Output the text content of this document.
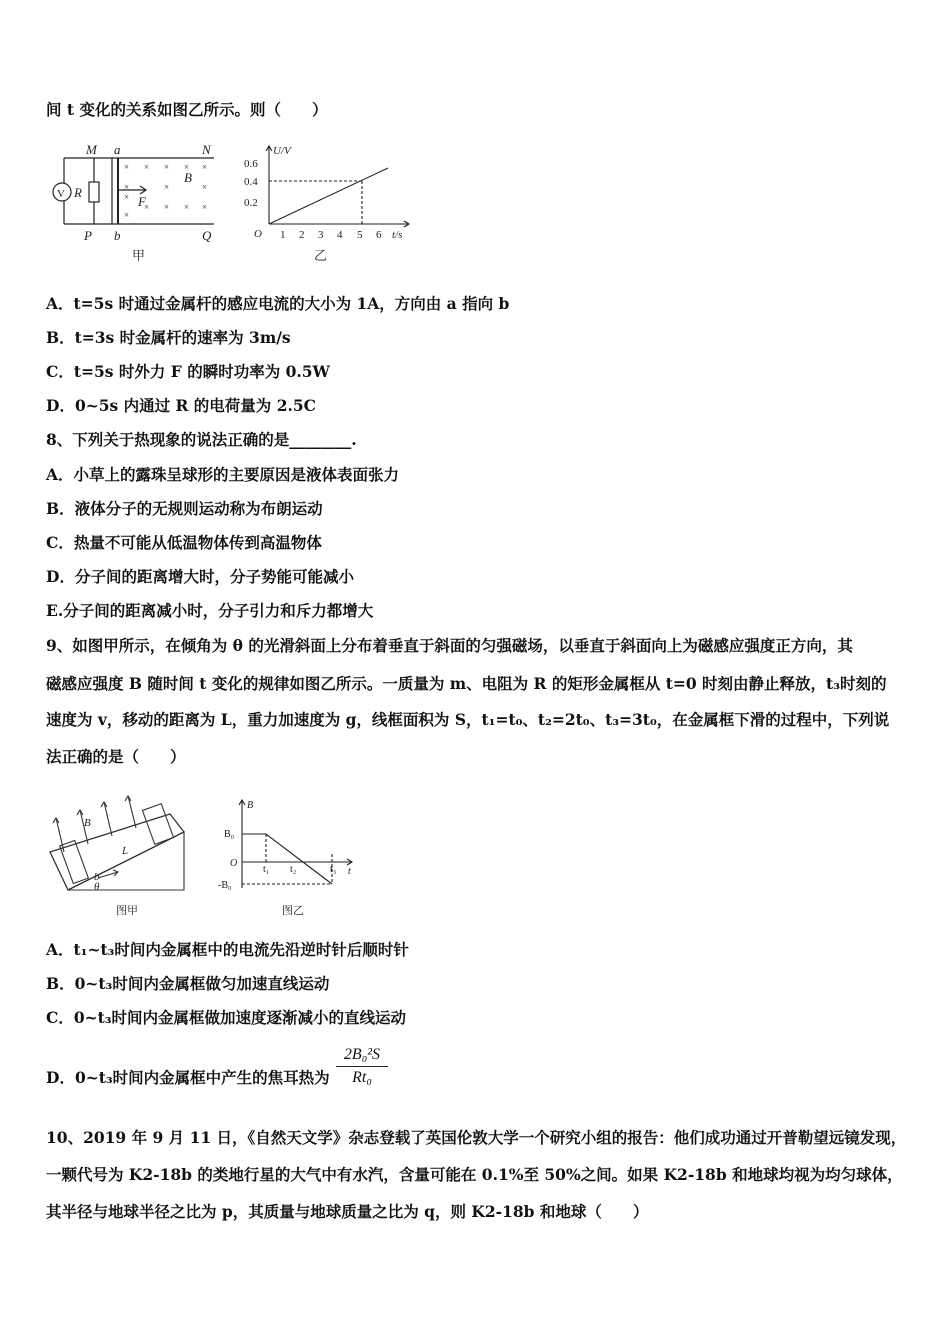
间 t 变化的关系如图乙所示。则（　　）
× × × × ×
×	×	×
×
× × × ×
×
M a	N
V R
B
F
P b	Q
甲
U/V
t/s
O
0.6
0.4
0.2
1 2 3 4 5 6
乙
A．t=5s 时通过金属杆的感应电流的大小为 1A，方向由 a 指向 b
B．t=3s 时金属杆的速率为 3m/s
C．t=5s 时外力 F 的瞬时功率为 0.5W
D．0~5s 内通过 R 的电荷量为 2.5C
8、下列关于热现象的说法正确的是________.
A．小草上的露珠呈球形的主要原因是液体表面张力
B．液体分子的无规则运动称为布朗运动
C．热量不可能从低温物体传到高温物体
D．分子间的距离增大时，分子势能可能减小
E.分子间的距离减小时，分子引力和斥力都增大
9、如图甲所示，在倾角为 θ 的光滑斜面上分布着垂直于斜面的匀强磁场，以垂直于斜面向上为磁感应强度正方向，其
磁感应强度 B 随时间 t 变化的规律如图乙所示。一质量为 m、电阻为 R 的矩形金属框从 t=0 时刻由静止释放，t₃时刻的
速度为 v，移动的距离为 L，重力加速度为 g，线框面积为 S，t₁=t₀、t₂=2t₀、t₃=3t₀，在金属框下滑的过程中，下列说
法正确的是（　　）
B
L
θ
b
图甲
B
t
O
B₀
-B₀
t₁ t₂	t₃
图乙
A．t₁~t₃时间内金属框中的电流先沿逆时针后顺时针
B．0~t₃时间内金属框做匀加速直线运动
C．0~t₃时间内金属框做加速度逐渐减小的直线运动
D．0~t₃时间内金属框中产生的焦耳热为 $\frac{\text{2B₀²S}}{\text{Rt₀}}$
10、2019 年 9 月 11 日，《自然天文学》杂志登载了英国伦敦大学一个研究小组的报告：他们成功通过开普勒望远镜发现，
一颗代号为 K2-18b 的类地行星的大气中有水汽，含量可能在 0.1%至 50%之间。如果 K2-18b 和地球均视为均匀球体，
其半径与地球半径之比为 p，其质量与地球质量之比为 q，则 K2-18b 和地球（　　）
